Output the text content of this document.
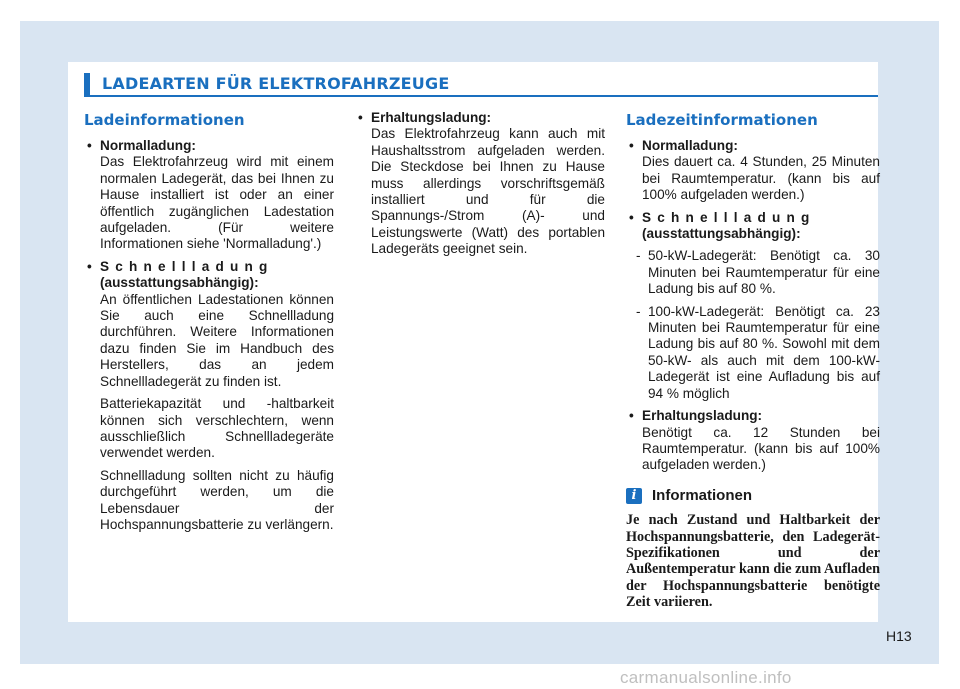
LADEARTEN FÜR ELEKTROFAHRZEUGE
Ladeinformationen
• Normalladung:

Das Elektrofahrzeug wird mit einem normalen Ladegerät, das bei Ihnen zu Hause installiert ist oder an einer öffentlich zugänglichen Ladestation aufgeladen. (Für weitere Informationen siehe 'Normalladung'.)

• Schnellladung
(ausstattungsabhängig):

An öffentlichen Ladestationen können Sie auch eine Schnellladung durchführen. Weitere Informationen dazu finden Sie im Handbuch des Herstellers, das an jedem Schnellladegerät zu finden ist.

Batteriekapazität und -haltbarkeit können sich verschlechtern, wenn ausschließlich Schnellladegeräte verwendet werden.

Schnellladung sollten nicht zu häufig durchgeführt werden, um die Lebensdauer der Hochspannungsbatterie zu verlängern.

• Erhaltungsladung:

Das Elektrofahrzeug kann auch mit Haushaltsstrom aufgeladen werden. Die Steckdose bei Ihnen zu Hause muss allerdings vorschriftsgemäß installiert und für die Spannungs-/Strom (A)- und Leistungswerte (Watt) des portablen Ladegeräts geeignet sein.

Ladezeitinformationen
• Normalladung:

Dies dauert ca. 4 Stunden, 25 Minuten bei Raumtemperatur. (kann bis auf 100% aufgeladen werden.)

• Schnellladung
(ausstattungsabhängig):
- 50-kW-Ladegerät: Benötigt ca. 30 Minuten bei Raumtemperatur für eine Ladung bis auf 80 %.
- 100-kW-Ladegerät: Benötigt ca. 23 Minuten bei Raumtemperatur für eine Ladung bis auf 80 %. Sowohl mit dem 50-kW- als auch mit dem 100-kW-Ladegerät ist eine Aufladung bis auf 94 % möglich
• Erhaltungsladung:

Benötigt ca. 12 Stunden bei Raumtemperatur. (kann bis auf 100% aufgeladen werden.)

i	Informationen
Je nach Zustand und Haltbarkeit der Hochspannungsbatterie, den Ladegerät-Spezifikationen und der Außentemperatur kann die zum Aufladen der Hochspannungsbatterie benötigte Zeit variieren.
H13
carmanualsonline.info
